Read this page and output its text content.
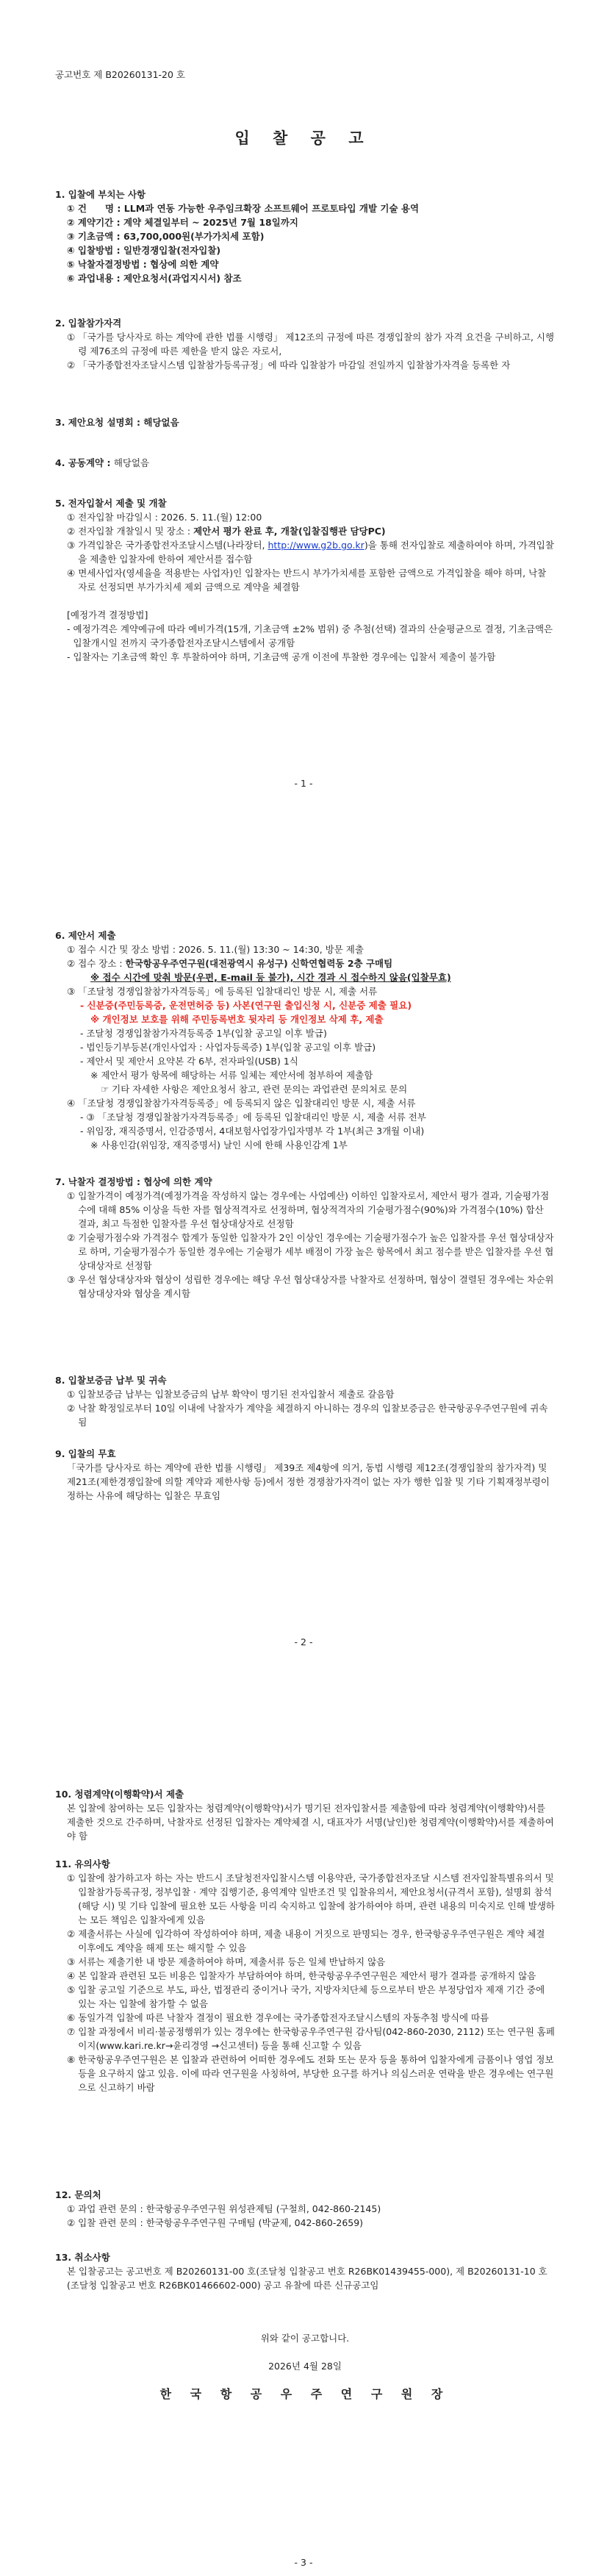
공고번호 제 B20260131-20 호
입 찰 공 고
1. 입찰에 부치는 사항
① 건　　명 : LLM과 연동 가능한 우주임크확장 소프트웨어 프로토타입 개발 기술 용역
② 계약기간 : 계약 체결일부터 ~ 2025년 7월 18일까지
③ 기초금액 : 63,700,000원(부가가치세 포함)
④ 입찰방법 : 일반경쟁입찰(전자입찰)
⑤ 낙찰자결정방법 : 협상에 의한 계약
⑥ 과업내용 : 제안요청서(과업지시서) 참조
2. 입찰참가자격
① 「국가를 당사자로 하는 계약에 관한 법률 시행령」 제12조의 규정에 따른 경쟁입찰의 참가 자격 요건을 구비하고, 시행령 제76조의 규정에 따른 제한을 받지 않은 자로서,
② 「국가종합전자조달시스템 입찰참가등록규정」에 따라 입찰참가 마감일 전일까지 입찰참가자격을 등록한 자
3. 제안요청 설명회 : 해당없음
4. 공동계약 : 해당없음
5. 전자입찰서 제출 및 개찰
① 전자입찰 마감일시 : 2026. 5. 11.(월) 12:00
② 전자입찰 개찰일시 및 장소 : 제안서 평가 완료 후, 개찰(입찰집행관 담당PC)
③ 가격입찰은 국가종합전자조달시스템(나라장터, http://www.g2b.go.kr)을 통해 전자입찰로 제출하여야 하며, 가격입찰을 제출한 입찰자에 한하여 제안서를 접수함
④ 면세사업자(영세율을 적용받는 사업자)인 입찰자는 반드시 부가가치세를 포함한 금액으로 가격입찰을 해야 하며, 낙찰자로 선정되면 부가가치세 제외 금액으로 계약을 체결함
[예정가격 결정방법]
- 예정가격은 계약예규에 따라 예비가격(15개, 기초금액 ±2% 범위) 중 추첨(선택) 결과의 산술평균으로 결정, 기초금액은 입찰개시일 전까지 국가종합전자조달시스템에서 공개함
- 입찰자는 기초금액 확인 후 투찰하여야 하며, 기초금액 공개 이전에 투찰한 경우에는 입찰서 제출이 불가함
- 1 -
6. 제안서 제출
① 접수 시간 및 장소 방법 : 2026. 5. 11.(월) 13:30 ~ 14:30, 방문 제출
② 접수 장소 : 한국항공우주연구원(대전광역시 유성구) 신학연협력동 2층 구매팀
※ 접수 시간에 맞춰 방문(우편, E-mail 등 불가), 시간 경과 시 접수하지 않음(입찰무효)
③ 「조달청 경쟁입찰참가자격등록」에 등록된 입찰대리인 방문 시, 제출 서류
- 신분증(주민등록증, 운전면허증 등) 사본(연구원 출입신청 시, 신분증 제출 필요)
※ 개인정보 보호를 위해 주민등록번호 뒷자리 등 개인정보 삭제 후, 제출
- 조달청 경쟁입찰참가자격등록증 1부(입찰 공고일 이후 발급)
- 법인등기부등본(개인사업자 : 사업자등록증) 1부(입찰 공고일 이후 발급)
- 제안서 및 제안서 요약본 각 6부, 전자파일(USB) 1식
※ 제안서 평가 항목에 해당하는 서류 일체는 제안서에 첨부하여 제출함
☞ 기타 자세한 사항은 제안요청서 참고, 관련 문의는 과업관련 문의처로 문의
④ 「조달청 경쟁입찰참가자격등록증」에 등록되지 않은 입찰대리인 방문 시, 제출 서류
- ③ 「조달청 경쟁입찰참가자격등록증」에 등록된 입찰대리인 방문 시, 제출 서류 전부
- 위임장, 재직증명서, 인감증명서, 4대보험사업장가입자명부 각 1부(최근 3개월 이내)
※ 사용인감(위임장, 재직증명서) 날인 시에 한해 사용인감계 1부
7. 낙찰자 결정방법 : 협상에 의한 계약
① 입찰가격이 예정가격(예정가격을 작성하지 않는 경우에는 사업예산) 이하인 입찰자로서, 제안서 평가 결과, 기술평가점수에 대해 85% 이상을 득한 자를 협상적격자로 선정하며, 협상적격자의 기술평가점수(90%)와 가격점수(10%) 합산 결과, 최고 득점한 입찰자를 우선 협상대상자로 선정함
② 기술평가점수와 가격점수 합계가 동일한 입찰자가 2인 이상인 경우에는 기술평가점수가 높은 입찰자를 우선 협상대상자로 하며, 기술평가점수가 동일한 경우에는 기술평가 세부 배점이 가장 높은 항목에서 최고 점수를 받은 입찰자를 우선 협상대상자로 선정함
③ 우선 협상대상자와 협상이 성립한 경우에는 해당 우선 협상대상자를 낙찰자로 선정하며, 협상이 결렬된 경우에는 차순위 협상대상자와 협상을 계시함
8. 입찰보증금 납부 및 귀속
① 입찰보증금 납부는 입찰보증금의 납부 확약이 명기된 전자입찰서 제출로 갈음함
② 낙찰 확정일로부터 10일 이내에 낙찰자가 계약을 체결하지 아니하는 경우의 입찰보증금은 한국항공우주연구원에 귀속됨
9. 입찰의 무효
「국가를 당사자로 하는 계약에 관한 법률 시행령」 제39조 제4항에 의거, 동법 시행령 제12조(경쟁입찰의 참가자격) 및 제21조(제한경쟁입찰에 의할 계약과 제한사항 등)에서 정한 경쟁참가자격이 없는 자가 행한 입찰 및 기타 기획재정부령이 정하는 사유에 해당하는 입찰은 무효임
- 2 -
10. 청렴계약(이행확약)서 제출
본 입찰에 참여하는 모든 입찰자는 청렴계약(이행확약)서가 명기된 전자입찰서를 제출함에 따라 청렴계약(이행확약)서를 제출한 것으로 간주하며, 낙찰자로 선정된 입찰자는 계약체결 시, 대표자가 서명(날인)한 청렴계약(이행확약)서를 제출하여야 함
11. 유의사항
① 입찰에 참가하고자 하는 자는 반드시 조달청전자입찰시스템 이용약관, 국가종합전자조달 시스템 전자입찰특별유의서 및 입찰참가등록규정, 정부입찰 · 계약 집행기준, 용역계약 일반조건 및 입찰유의서, 제안요청서(규격서 포함), 설명회 참석(해당 시) 및 기타 입찰에 필요한 모든 사항을 미리 숙지하고 입찰에 참가하여야 하며, 관련 내용의 미숙지로 인해 발생하는 모든 책임은 입찰자에게 있음
② 제출서류는 사실에 입각하여 작성하여야 하며, 제출 내용이 거짓으로 판명되는 경우, 한국항공우주연구원은 계약 체결 이후에도 계약을 해제 또는 해지할 수 있음
③ 서류는 제출기한 내 방문 제출하여야 하며, 제출서류 등은 일체 반납하지 않음
④ 본 입찰과 관련된 모든 비용은 입찰자가 부담하여야 하며, 한국항공우주연구원은 제안서 평가 결과를 공개하지 않음
⑤ 입찰 공고일 기준으로 부도, 파산, 법정관리 중이거나 국가, 지방자치단체 등으로부터 받은 부정당업자 제재 기간 중에 있는 자는 입찰에 참가할 수 없음
⑥ 동일가격 입찰에 따른 낙찰자 결정이 필요한 경우에는 국가종합전자조달시스템의 자동추첨 방식에 따름
⑦ 입찰 과정에서 비리·불공정행위가 있는 경우에는 한국항공우주연구원 감사팀(042-860-2030, 2112) 또는 연구원 홈페이지(www.kari.re.kr→윤리경영 →신고센터) 등을 통해 신고할 수 있음
⑧ 한국항공우주연구원은 본 입찰과 관련하여 어떠한 경우에도 전화 또는 문자 등을 통하여 입찰자에게 금품이나 영업 정보 등을 요구하지 않고 있음. 이에 따라 연구원을 사칭하여, 부당한 요구를 하거나 의심스러운 연락을 받은 경우에는 연구원으로 신고하기 바람
12. 문의처
① 과업 관련 문의 : 한국항공우주연구원 위성관제팀 (구철희, 042-860-2145)
② 입찰 관련 문의 : 한국항공우주연구원 구매팀 (박균제, 042-860-2659)
13. 취소사항
본 입찰공고는 공고번호 제 B20260131-00 호(조달청 입찰공고 번호 R26BK01439455-000), 제 B20260131-10 호(조달청 입찰공고 번호 R26BK01466602-000) 공고 유찰에 따른 신규공고임
위와 같이 공고합니다.
2026년 4월 28일
한 국 항 공 우 주 연 구 원 장
- 3 -
